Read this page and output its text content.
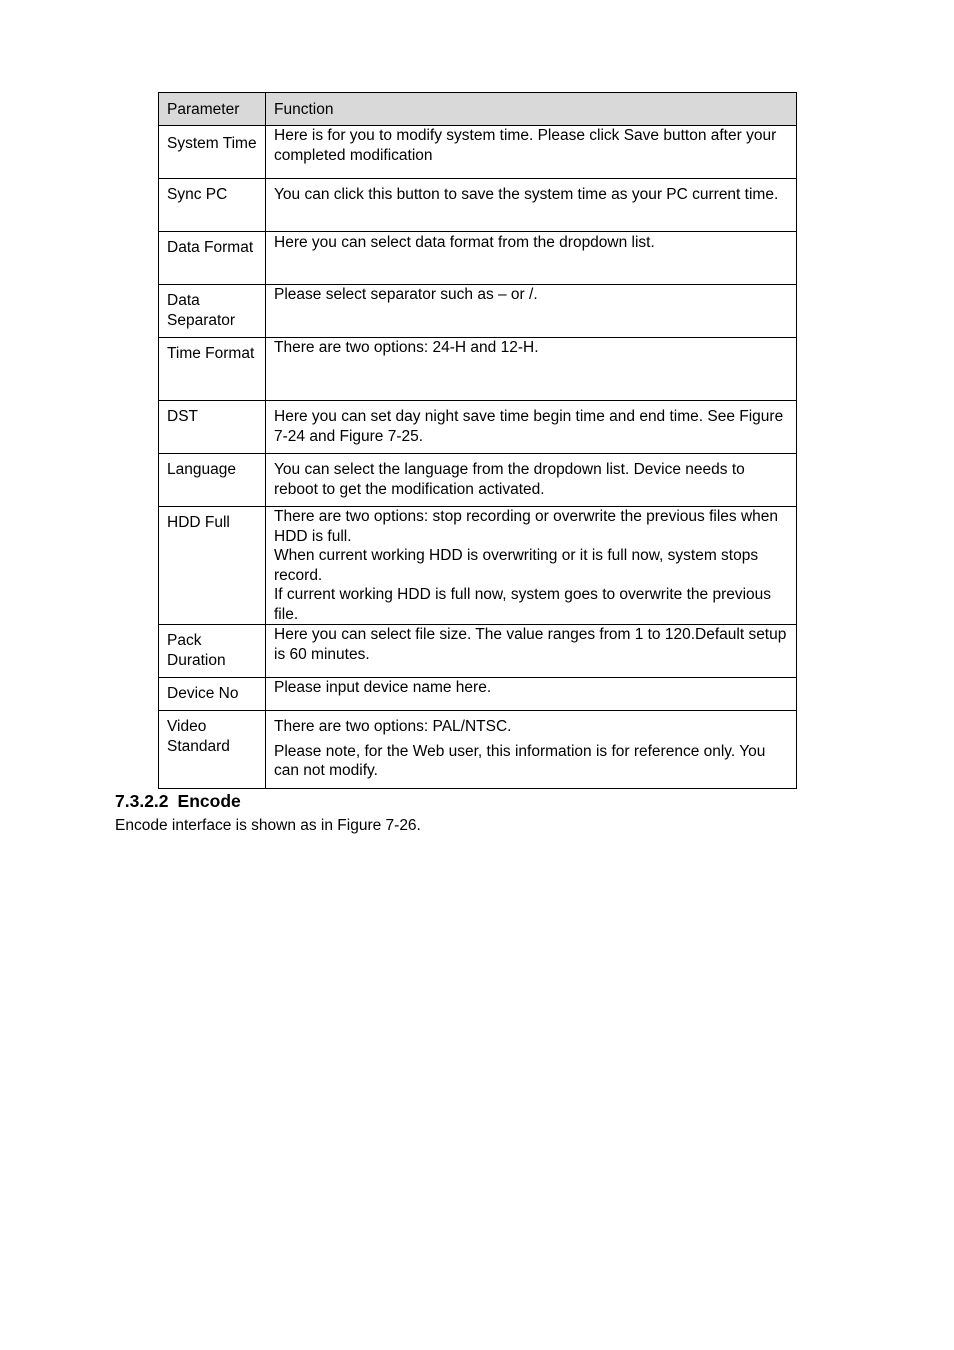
Parameter	Function
System Time	Here is for you to modify system time. Please click Save button after your completed modification

Sync PC	You can click this button to save the system time as your PC current time.

Data Format	Here you can select data format from the dropdown list.

Data Separator	Please select separator such as – or /.

Time Format	There are two options: 24-H and 12-H.

DST	Here you can set day night save time begin time and end time. See Figure 7-24 and Figure 7-25.

Language	You can select the language from the dropdown list. Device needs to reboot to get the modification activated.

HDD Full	There are two options: stop recording or overwrite the previous files when HDD is full.

When current working HDD is overwriting or it is full now, system stops record.

If current working HDD is full now, system goes to overwrite the previous file.

Pack Duration	Here you can select file size. The value ranges from 1 to 120.Default setup is 60 minutes.

Device No	Please input device name here.

Video Standard	There are two options: PAL/NTSC.

Please note, for the Web user, this information is for reference only. You can not modify.

7.3.2.2 Encode

Encode interface is shown as in Figure 7-26.
